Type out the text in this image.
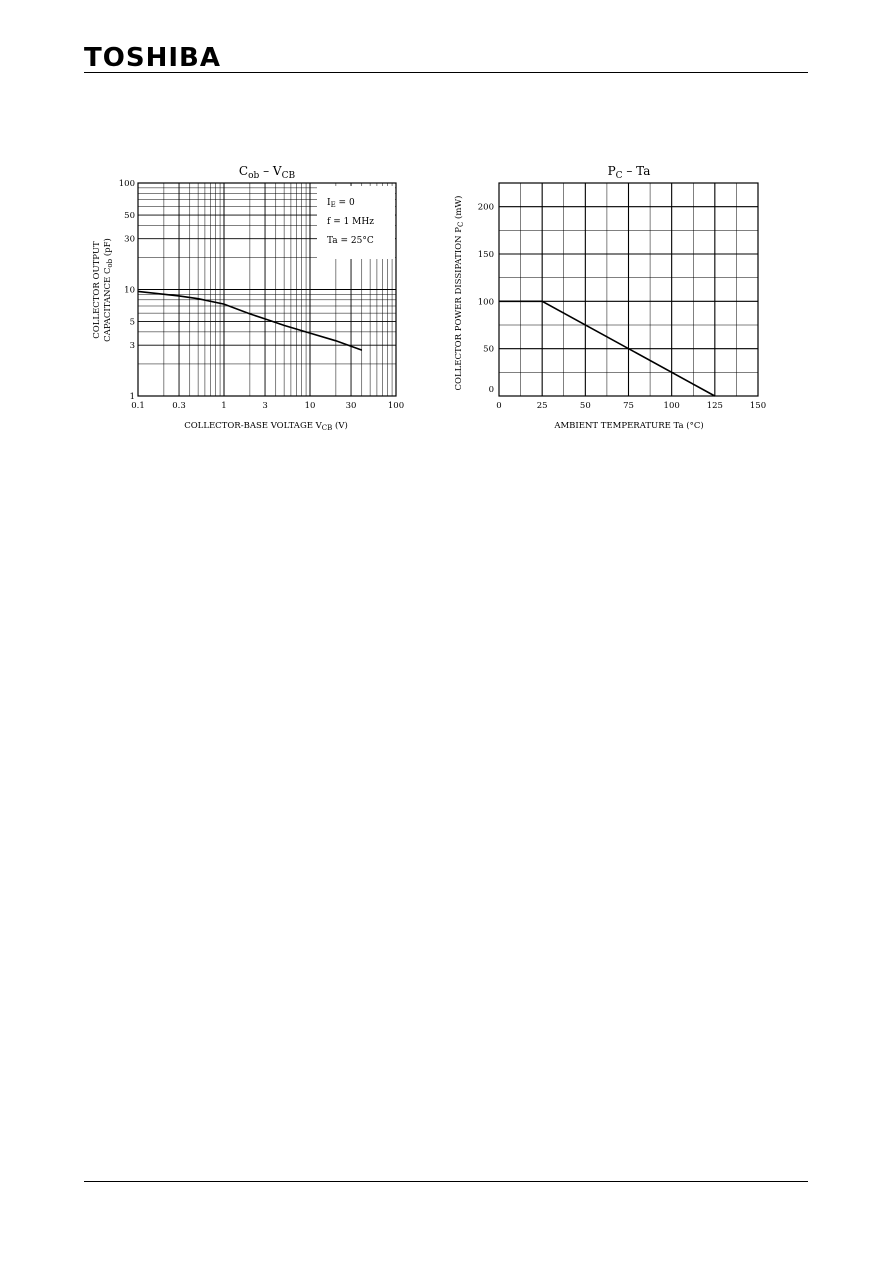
TOSHIBA
$C_{ob} - V_{CB}$
0.1	0.3	1	3	10	30	100
1
3
5
10
30
50
100
$I_E = 0$
f = 1 MHz
Ta = 25°C
COLLECTOR-BASE VOLTAGE $V_{CB}$ (V)
COLLECTOR OUTPUT CAPACITANCE $C_{ob}$ (pF)
$P_C$ – Ta
0	25	50	75	100	125	150
0
50
100
150
200
AMBIENT TEMPERATURE Ta (°C)
COLLECTOR POWER DISSIPATION $P_C$ (mW)
